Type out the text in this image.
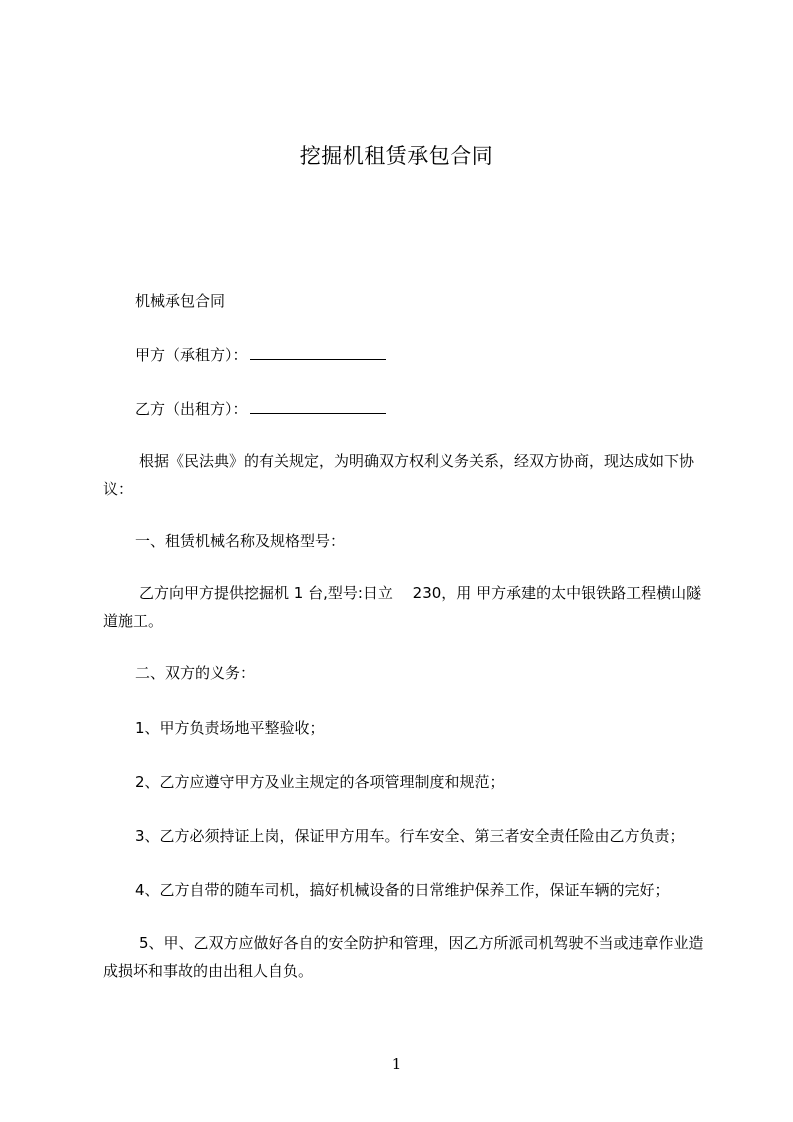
挖掘机租赁承包合同
机械承包合同
甲方（承租方）：
乙方（出租方）：
根据《民法典》的有关规定，为明确双方权利义务关系，经双方协商，现达成如下协议：
一、租赁机械名称及规格型号：
乙方向甲方提供挖掘机 1 台,型号:日立　 230，用 甲方承建的太中银铁路工程横山隧道施工。
二、双方的义务：
1、甲方负责场地平整验收；
2、乙方应遵守甲方及业主规定的各项管理制度和规范；
3、乙方必须持证上岗，保证甲方用车。行车安全、第三者安全责任险由乙方负责；
4、乙方自带的随车司机，搞好机械设备的日常维护保养工作，保证车辆的完好；
5、甲、乙双方应做好各自的安全防护和管理，因乙方所派司机驾驶不当或违章作业造成损坏和事故的由出租人自负。
1
